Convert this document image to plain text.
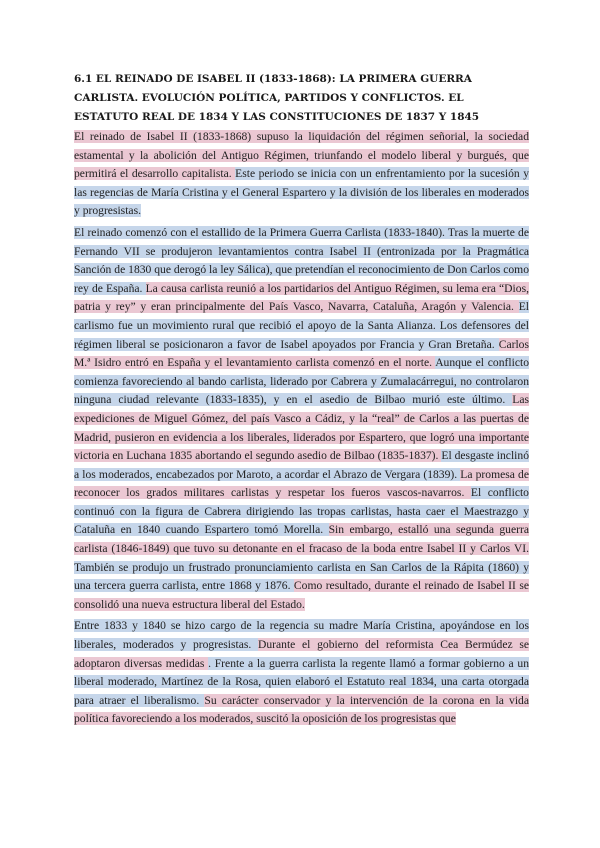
6.1 EL REINADO DE ISABEL II (1833-1868): LA PRIMERA GUERRA CARLISTA. EVOLUCIÓN POLÍTICA, PARTIDOS Y CONFLICTOS. EL ESTATUTO REAL DE 1834 Y LAS CONSTITUCIONES DE 1837 Y 1845

El reinado de Isabel II (1833-1868) supuso la liquidación del régimen señorial, la sociedad estamental y la abolición del Antiguo Régimen, triunfando el modelo liberal y burgués, que permitirá el desarrollo capitalista. Este periodo se inicia con un enfrentamiento por la sucesión y las regencias de María Cristina y el General Espartero y la división de los liberales en moderados y progresistas.

El reinado comenzó con el estallido de la Primera Guerra Carlista (1833-1840). Tras la muerte de Fernando VII se produjeron levantamientos contra Isabel II (entronizada por la Pragmática Sanción de 1830 que derogó la ley Sálica), que pretendían el reconocimiento de Don Carlos como rey de España. La causa carlista reunió a los partidarios del Antiguo Régimen, su lema era “Dios, patria y rey” y eran principalmente del País Vasco, Navarra, Cataluña, Aragón y Valencia. El carlismo fue un movimiento rural que recibió el apoyo de la Santa Alianza. Los defensores del régimen liberal se posicionaron a favor de Isabel apoyados por Francia y Gran Bretaña. Carlos M.ª Isidro entró en España y el levantamiento carlista comenzó en el norte. Aunque el conflicto comienza favoreciendo al bando carlista, liderado por Cabrera y Zumalacárregui, no controlaron ninguna ciudad relevante (1833-1835), y en el asedio de Bilbao murió este último. Las expediciones de Miguel Gómez, del país Vasco a Cádiz, y la “real” de Carlos a las puertas de Madrid, pusieron en evidencia a los liberales, liderados por Espartero, que logró una importante victoria en Luchana 1835 abortando el segundo asedio de Bilbao (1835-1837). El desgaste inclinó a los moderados, encabezados por Maroto, a acordar el Abrazo de Vergara (1839). La promesa de reconocer los grados militares carlistas y respetar los fueros vascos-navarros. El conflicto continuó con la figura de Cabrera dirigiendo las tropas carlistas, hasta caer el Maestrazgo y Cataluña en 1840 cuando Espartero tomó Morella. Sin embargo, estalló una segunda guerra carlista (1846-1849) que tuvo su detonante en el fracaso de la boda entre Isabel II y Carlos VI. También se produjo un frustrado pronunciamiento carlista en San Carlos de la Rápita (1860) y una tercera guerra carlista, entre 1868 y 1876. Como resultado, durante el reinado de Isabel II se consolidó una nueva estructura liberal del Estado.

Entre 1833 y 1840 se hizo cargo de la regencia su madre María Cristina, apoyándose en los liberales, moderados y progresistas. Durante el gobierno del reformista Cea Bermúdez se adoptaron diversas medidas . Frente a la guerra carlista la regente llamó a formar gobierno a un liberal moderado, Martínez de la Rosa, quien elaboró el Estatuto real 1834, una carta otorgada para atraer el liberalismo. Su carácter conservador y la intervención de la corona en la vida política favoreciendo a los moderados, suscitó la oposición de los progresistas que
